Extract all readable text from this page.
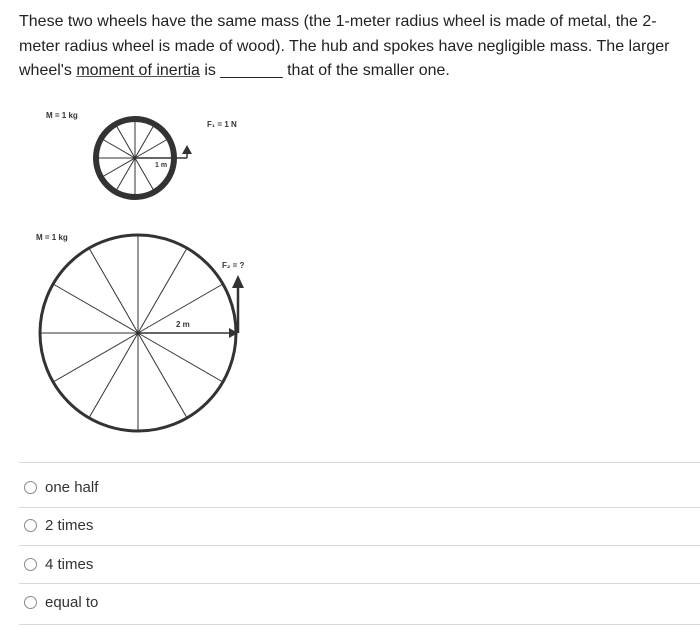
These two wheels have the same mass (the 1-meter radius wheel is made of metal, the 2-meter radius wheel is made of wood). The hub and spokes have negligible mass. The larger wheel's moment of inertia is _______ that of the smaller one.
M = 1 kg
1 m
F₁ = 1 N
M = 1 kg
2 m
F₂ = ?
one half
2 times
4 times
equal to
